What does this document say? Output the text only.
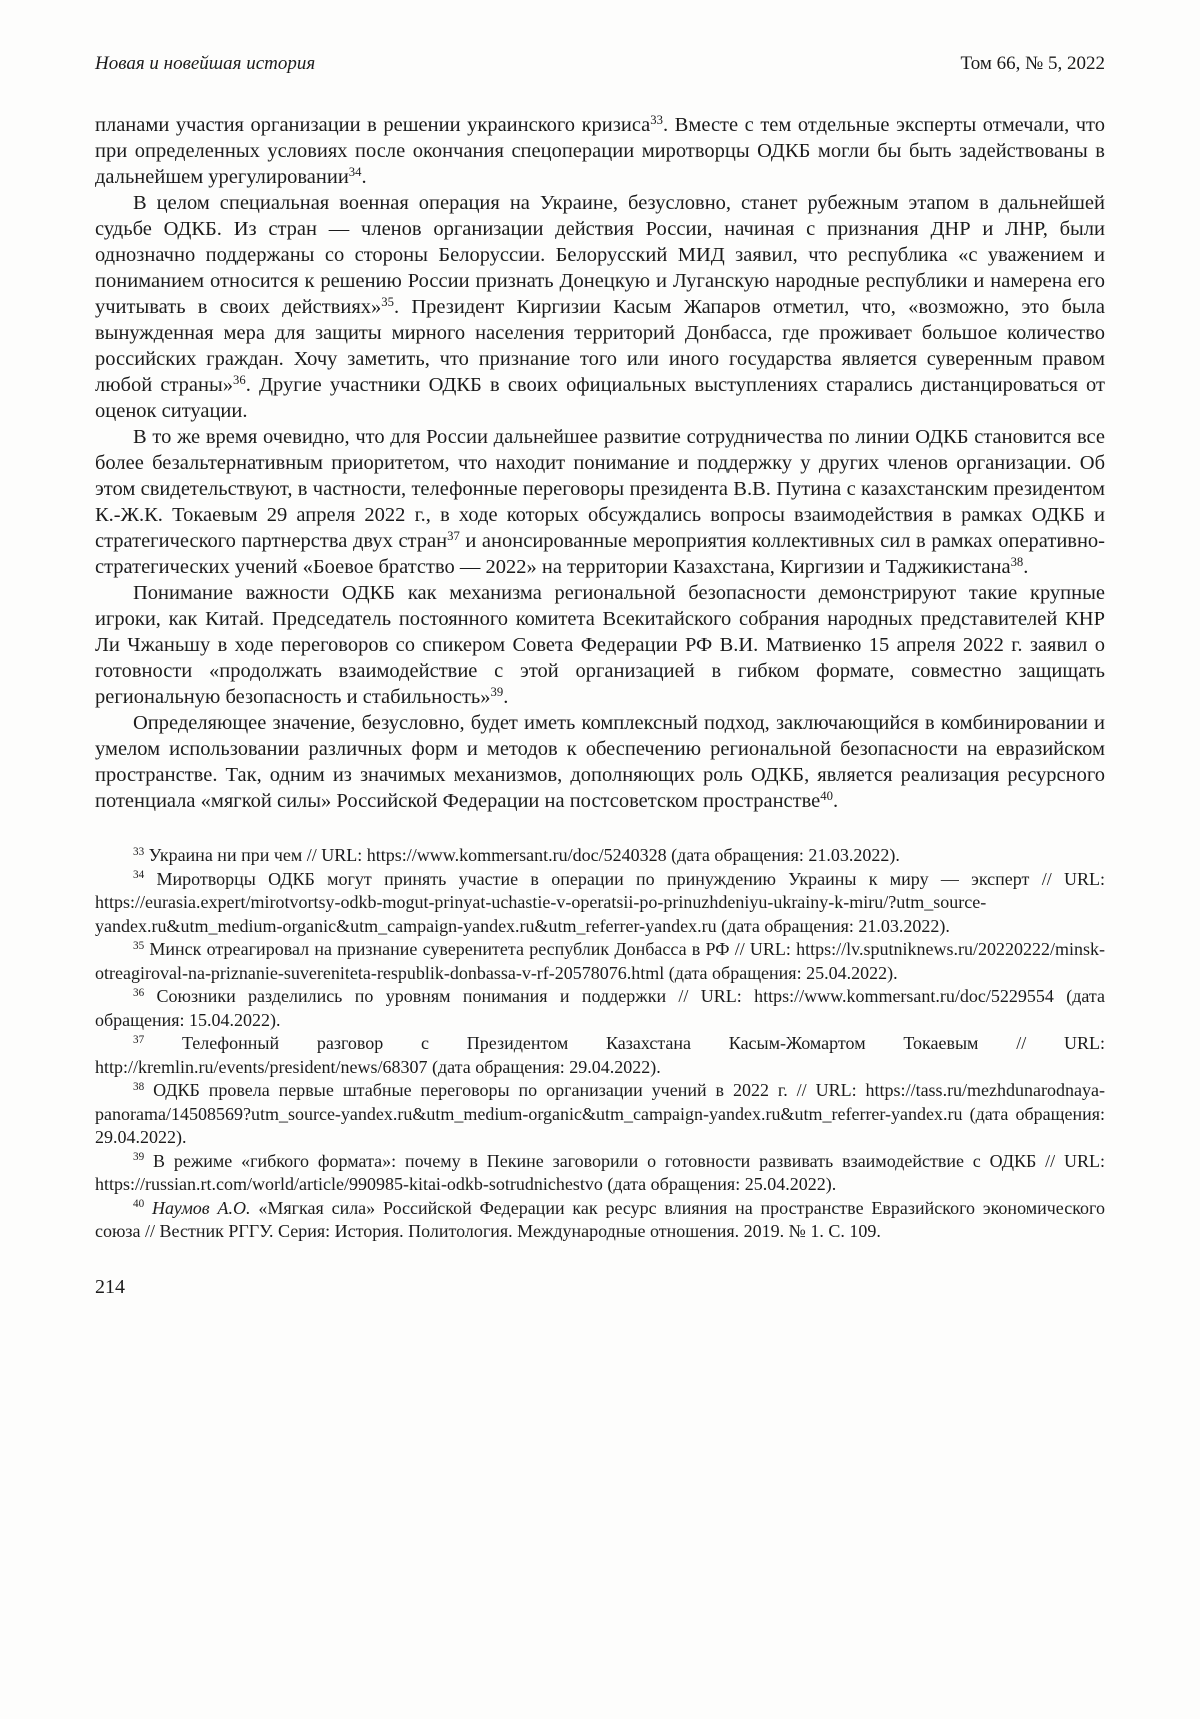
Новая и новейшая история	Том 66, № 5, 2022

планами участия организации в решении украинского кризиса$^{33}$. Вместе с тем отдельные эксперты отмечали, что при определенных условиях после окончания спецоперации миротворцы ОДКБ могли бы быть задействованы в дальнейшем урегулировании$^{34}$.

В целом специальная военная операция на Украине, безусловно, станет рубежным этапом в дальнейшей судьбе ОДКБ. Из стран — членов организации действия России, начиная с признания ДНР и ЛНР, были однозначно поддержаны со стороны Белоруссии. Белорусский МИД заявил, что республика «с уважением и пониманием относится к решению России признать Донецкую и Луганскую народные республики и намерена его учитывать в своих действиях»$^{35}$. Президент Киргизии Касым Жапаров отметил, что, «возможно, это была вынужденная мера для защиты мирного населения территорий Донбасса, где проживает большое количество российских граждан. Хочу заметить, что признание того или иного государства является суверенным правом любой страны»$^{36}$. Другие участники ОДКБ в своих официальных выступлениях старались дистанцироваться от оценок ситуации.

В то же время очевидно, что для России дальнейшее развитие сотрудничества по линии ОДКБ становится все более безальтернативным приоритетом, что находит понимание и поддержку у других членов организации. Об этом свидетельствуют, в частности, телефонные переговоры президента В.В. Путина с казахстанским президентом К.-Ж.К. Токаевым 29 апреля 2022 г., в ходе которых обсуждались вопросы взаимодействия в рамках ОДКБ и стратегического партнерства двух стран$^{37}$ и анонсированные мероприятия коллективных сил в рамках оперативно-стратегических учений «Боевое братство — 2022» на территории Казахстана, Киргизии и Таджикистана$^{38}$.

Понимание важности ОДКБ как механизма региональной безопасности демонстрируют такие крупные игроки, как Китай. Председатель постоянного комитета Всекитайского собрания народных представителей КНР Ли Чжаньшу в ходе переговоров со спикером Совета Федерации РФ В.И. Матвиенко 15 апреля 2022 г. заявил о готовности «продолжать взаимодействие с этой организацией в гибком формате, совместно защищать региональную безопасность и стабильность»$^{39}$.

Определяющее значение, безусловно, будет иметь комплексный подход, заключающийся в комбинировании и умелом использовании различных форм и методов к обеспечению региональной безопасности на евразийском пространстве. Так, одним из значимых механизмов, дополняющих роль ОДКБ, является реализация ресурсного потенциала «мягкой силы» Российской Федерации на постсоветском пространстве$^{40}$.

$^{33}$ Украина ни при чем // URL: https://www.kommersant.ru/doc/5240328 (дата обращения: 21.03.2022).

$^{34}$ Миротворцы ОДКБ могут принять участие в операции по принуждению Украины к миру — эксперт // URL: https://eurasia.expert/mirotvortsy-odkb-mogut-prinyat-uchastie-v-operatsii-po-prinuzhdeniyu-ukrainy-k-miru/?utm_source-yandex.ru&utm_medium-organic&utm_campaign-yandex.ru&utm_referrer-yandex.ru (дата обращения: 21.03.2022).

$^{35}$ Минск отреагировал на признание суверенитета республик Донбасса в РФ // URL: https://lv.sputniknews.ru/20220222/minsk-otreagiroval-na-priznanie-suvereniteta-respublik-donbassa-v-rf-20578076.html (дата обращения: 25.04.2022).

$^{36}$ Союзники разделились по уровням понимания и поддержки // URL: https://www.kommersant.ru/doc/5229554 (дата обращения: 15.04.2022).

$^{37}$ Телефонный разговор с Президентом Казахстана Касым-Жомартом Токаевым // URL: http://kremlin.ru/events/president/news/68307 (дата обращения: 29.04.2022).

$^{38}$ ОДКБ провела первые штабные переговоры по организации учений в 2022 г. // URL: https://tass.ru/mezhdunarodnaya-panorama/14508569?utm_source-yandex.ru&utm_medium-organic&utm_campaign-yandex.ru&utm_referrer-yandex.ru (дата обращения: 29.04.2022).

$^{39}$ В режиме «гибкого формата»: почему в Пекине заговорили о готовности развивать взаимодействие с ОДКБ // URL: https://russian.rt.com/world/article/990985-kitai-odkb-sotrudnichestvo (дата обращения: 25.04.2022).

$^{40}$ Наумов А.О. «Мягкая сила» Российской Федерации как ресурс влияния на пространстве Евразийского экономического союза // Вестник РГГУ. Серия: История. Политология. Международные отношения. 2019. № 1. С. 109.

214
